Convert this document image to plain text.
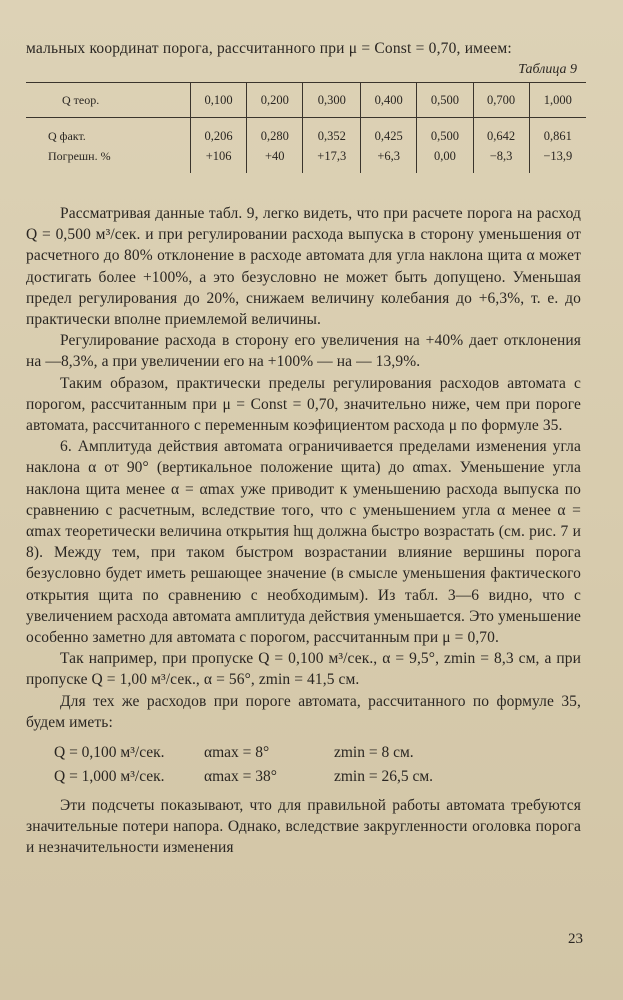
мальных координат порога, рассчитанного при μ = Const = 0,70, имеем:

Таблица 9
Q теор.	0,100	0,200	0,300	0,400	0,500	0,700	1,000
Q факт.	0,206	0,280	0,352	0,425	0,500	0,642	0,861
Погрешн. %	+106	+40	+17,3	+6,3	0,00	−8,3	−13,9

Рассматривая данные табл. 9, легко видеть, что при расчете порога на расход Q = 0,500 м³/сек. и при регулировании расхода выпуска в сторону уменьшения от расчетного до 80% отклонение в расходе автомата для угла наклона щита α может достигать более +100%, а это безусловно не может быть допущено. Уменьшая предел регулирования до 20%, снижаем величину колебания до +6,3%, т. е. до практически вполне приемлемой величины.

Регулирование расхода в сторону его увеличения на +40% дает отклонения на —8,3%, а при увеличении его на +100% — на — 13,9%.

Таким образом, практически пределы регулирования расходов автомата с порогом, рассчитанным при μ = Const = 0,70, значительно ниже, чем при пороге автомата, рассчитанного с переменным коэфициентом расхода μ по формуле 35.

6. Амплитуда действия автомата ограничивается пределами изменения угла наклона α от 90° (вертикальное положение щита) до αmax. Уменьшение угла наклона щита менее α = αmax уже приводит к уменьшению расхода выпуска по сравнению с расчетным, вследствие того, что с уменьшением угла α менее α = αmax теоретически величина открытия hщ должна быстро возрастать (см. рис. 7 и 8). Между тем, при таком быстром возрастании влияние вершины порога безусловно будет иметь решающее значение (в смысле уменьшения фактического открытия щита по сравнению с необходимым). Из табл. 3—6 видно, что с увеличением расхода автомата амплитуда действия уменьшается. Это уменьшение особенно заметно для автомата с порогом, рассчитанным при μ = 0,70.

Так например, при пропуске Q = 0,100 м³/сек., α = 9,5°, zmin = 8,3 см, а при пропуске Q = 1,00 м³/сек., α = 56°, zmin = 41,5 см.

Для тех же расходов при пороге автомата, рассчитанного по формуле 35, будем иметь:

Q = 0,100 м³/сек.	αmax = 8°	zmin = 8 см.
Q = 1,000 м³/сек.	αmax = 38°	zmin = 26,5 см.

Эти подсчеты показывают, что для правильной работы автомата требуются значительные потери напора. Однако, вследствие закругленности оголовка порога и незначительности изменения

23
